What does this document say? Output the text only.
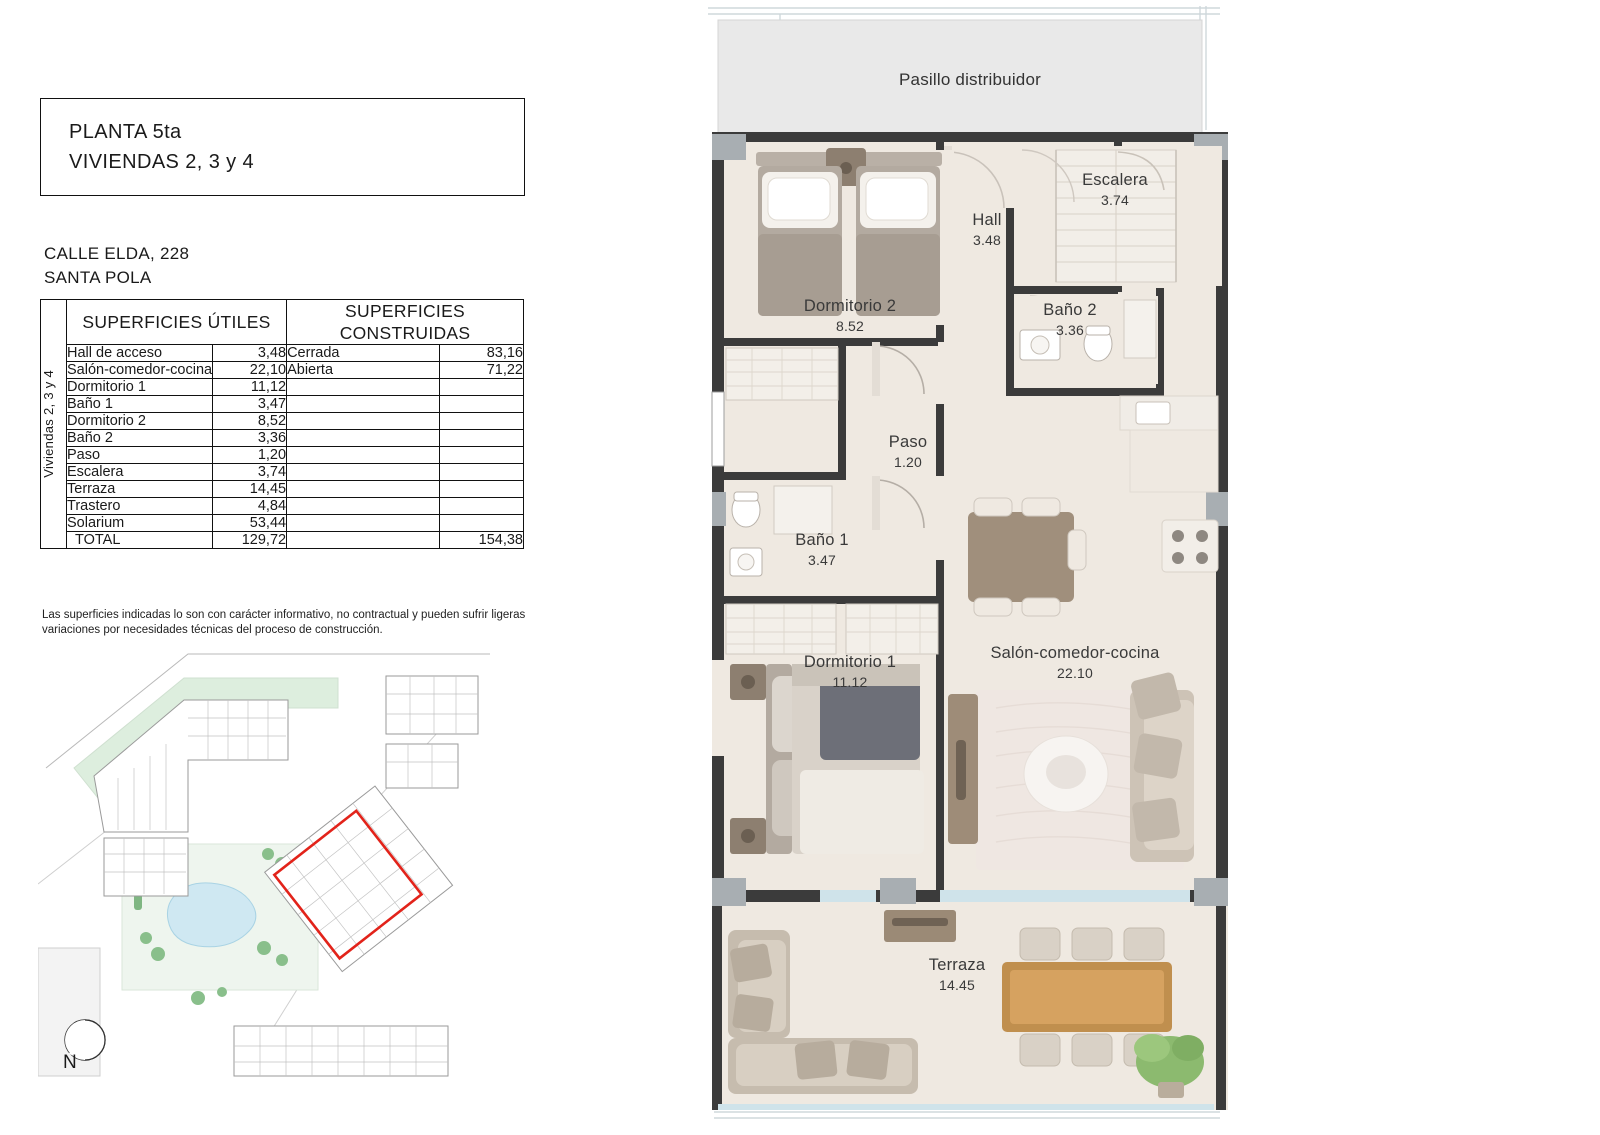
PLANTA 5ta
VIVIENDAS 2, 3 y 4
CALLE ELDA, 228
SANTA POLA
Viviendas 2, 3 y 4	SUPERFICIES ÚTILES		SUPERFICIES CONSTRUIDAS	
	Hall de acceso	3,48	Cerrada	83,16
	Salón-comedor-cocina	22,10	Abierta	71,22
	Dormitorio 1	11,12		
	Baño 1	3,47		
	Dormitorio 2	8,52		
	Baño 2	3,36		
	Paso	1,20		
	Escalera	3,74		
	Terraza	14,45		
	Trastero	4,84		
	Solarium	53,44		
	TOTAL	129,72		154,38
Las superficies indicadas lo son con carácter informativo, no contractual y pueden sufrir ligeras variaciones por necesidades técnicas del proceso de construcción.
N
Pasillo distribuidor
Dormitorio 2
8.52
Hall
3.48
Escalera
3.74
Baño 2
3.36
Paso
1.20
Baño 1
3.47
Dormitorio 1
11.12
Salón-comedor-cocina
22.10
Terraza
14.45
